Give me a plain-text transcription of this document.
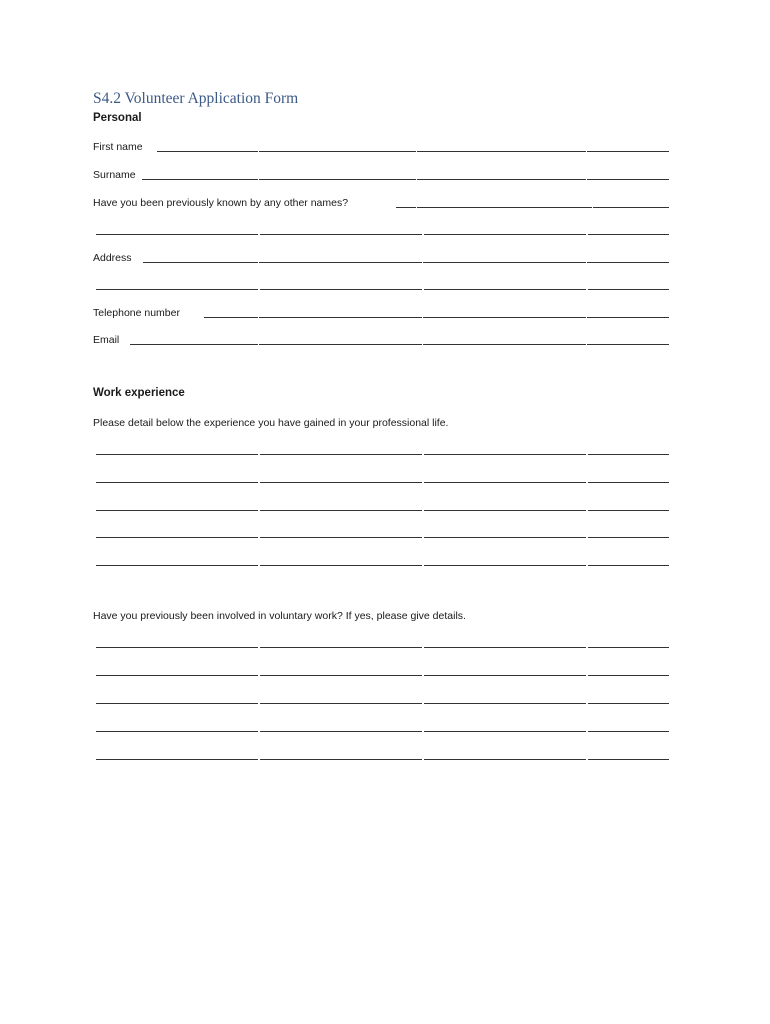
S4.2 Volunteer Application Form
Personal
First name
Surname
Have you been previously known by any other names?
Address
Telephone number
Email
Work experience
Please detail below the experience you have gained in your professional life.
Have you previously been involved in voluntary work? If yes, please give details.
